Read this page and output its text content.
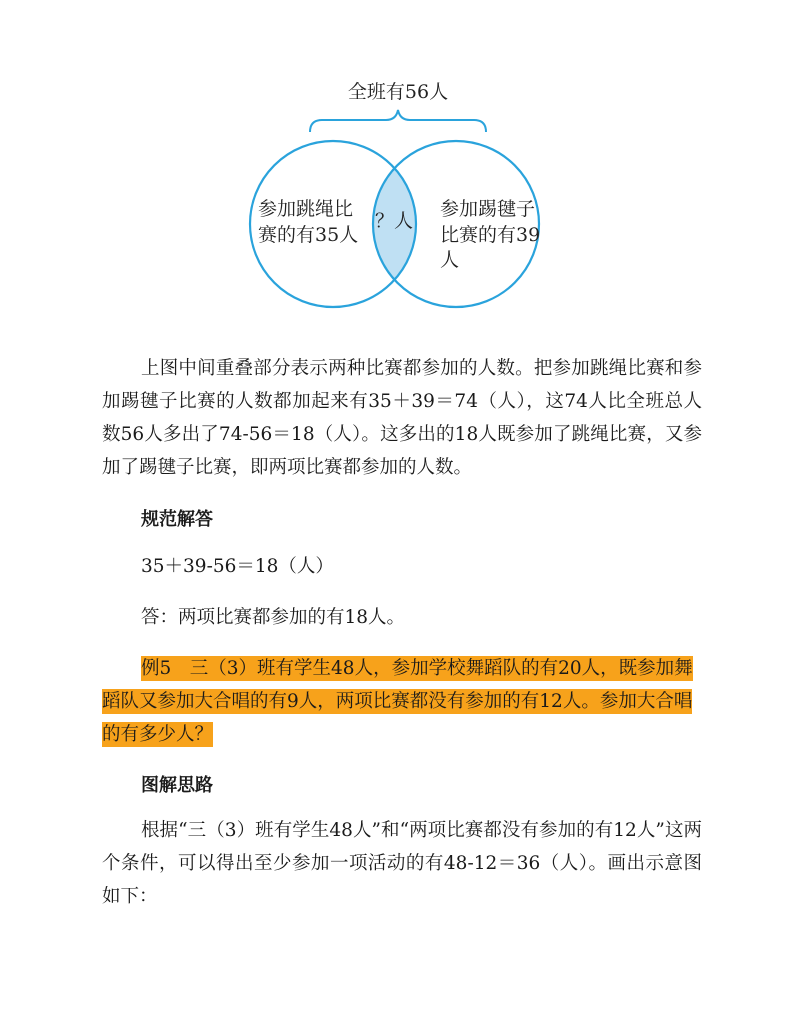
全班有56人
参加跳绳比
赛的有35人
？人
参加踢毽子
比赛的有39
人

上图中间重叠部分表示两种比赛都参加的人数。把参加跳绳比赛和参加踢毽子比赛的人数都加起来有35＋39＝74（人），这74人比全班总人数56人多出了74-56＝18（人）。这多出的18人既参加了跳绳比赛，又参加了踢毽子比赛，即两项比赛都参加的人数。

规范解答

35＋39-56＝18（人）

答：两项比赛都参加的有18人。

例5　三（3）班有学生48人，参加学校舞蹈队的有20人，既参加舞蹈队又参加大合唱的有9人，两项比赛都没有参加的有12人。参加大合唱的有多少人？

图解思路

根据“三（3）班有学生48人”和“两项比赛都没有参加的有12人”这两个条件，可以得出至少参加一项活动的有48-12＝36（人）。画出示意图如下：
